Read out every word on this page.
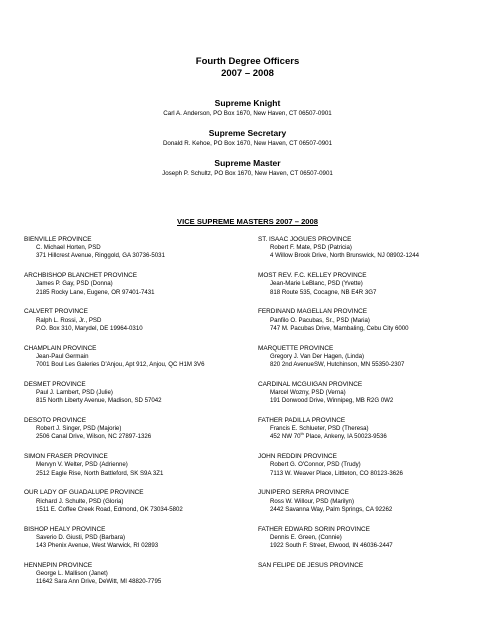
Fourth Degree Officers
2007 – 2008
Supreme Knight
Carl A. Anderson, PO Box 1670, New Haven, CT 06507-0901
Supreme Secretary
Donald R. Kehoe, PO Box 1670, New Haven, CT 06507-0901
Supreme Master
Joseph P. Schultz, PO Box 1670, New Haven, CT 06507-0901
VICE SUPREME MASTERS 2007 – 2008
BIENVILLE PROVINCE
C. Michael Horten, PSD
371 Hillcrest Avenue, Ringgold, GA 30736-5031
ARCHBISHOP BLANCHET PROVINCE
James P. Gay, PSD (Donna)
2185 Rocky Lane, Eugene, OR 97401-7431
CALVERT PROVINCE
Ralph L. Rossi, Jr., PSD
P.O. Box 310, Marydel, DE 19964-0310
CHAMPLAIN PROVINCE
Jean-Paul Germain
7001 Boul Les Galeries D'Anjou, Apt 912, Anjou, QC H1M 3V6
DESMET PROVINCE
Paul J. Lambert, PSD (Julie)
815 North Liberty Avenue, Madison, SD 57042
DESOTO PROVINCE
Robert J. Singer, PSD (Majorie)
2506 Canal Drive, Wilson, NC 27897-1326
SIMON FRASER PROVINCE
Mervyn V. Welter, PSD (Adrienne)
2512 Eagle Rise, North Battleford, SK S9A 3Z1
OUR LADY OF GUADALUPE PROVINCE
Richard J. Schulte, PSD (Gloria)
1511 E. Coffee Creek Road, Edmond, OK 73034-5802
BISHOP HEALY PROVINCE
Saverio D. Giusti, PSD (Barbara)
143 Phenix Avenue, West Warwick, RI 02893
HENNEPIN PROVINCE
George L. Mallison (Janet)
11642 Sara Ann Drive, DeWitt, MI 48820-7795
ST. ISAAC JOGUES PROVINCE
Robert F. Mate, PSD (Patricia)
4 Willow Brook Drive, North Brunswick, NJ 08902-1244
MOST REV. F.C. KELLEY PROVINCE
Jean-Marie LeBlanc, PSD (Yvette)
818 Route 535, Cocagne, NB E4R 3G7
FERDINAND MAGELLAN PROVINCE
Panfilo O. Pacubas, Sr., PSD (Maria)
747 M. Pacubas Drive, Mambaling, Cebu City 6000
MARQUETTE PROVINCE
Gregory J. Van Der Hagen, (Linda)
820 2nd AvenueSW, Hutchinson, MN 55350-2307
CARDINAL MCGUIGAN PROVINCE
Marcel Wozny, PSD (Verna)
191 Donwood Drive, Winnipeg, MB R2G 0W2
FATHER PADILLA PROVINCE
Francis E. Schlueter, PSD (Theresa)
452 NW 70th Place, Ankeny, IA 50023-9536
JOHN REDDIN PROVINCE
Robert G. O'Connor, PSD (Trudy)
7113 W. Weaver Place, Littleton, CO 80123-3626
JUNIPERO SERRA PROVINCE
Ross W. Willour, PSD (Marilyn)
2442 Savanna Way, Palm Springs, CA 92262
FATHER EDWARD SORIN PROVINCE
Dennis E. Green, (Connie)
1922 South F. Street, Elwood, IN 46036-2447
SAN FELIPE DE JESUS PROVINCE
